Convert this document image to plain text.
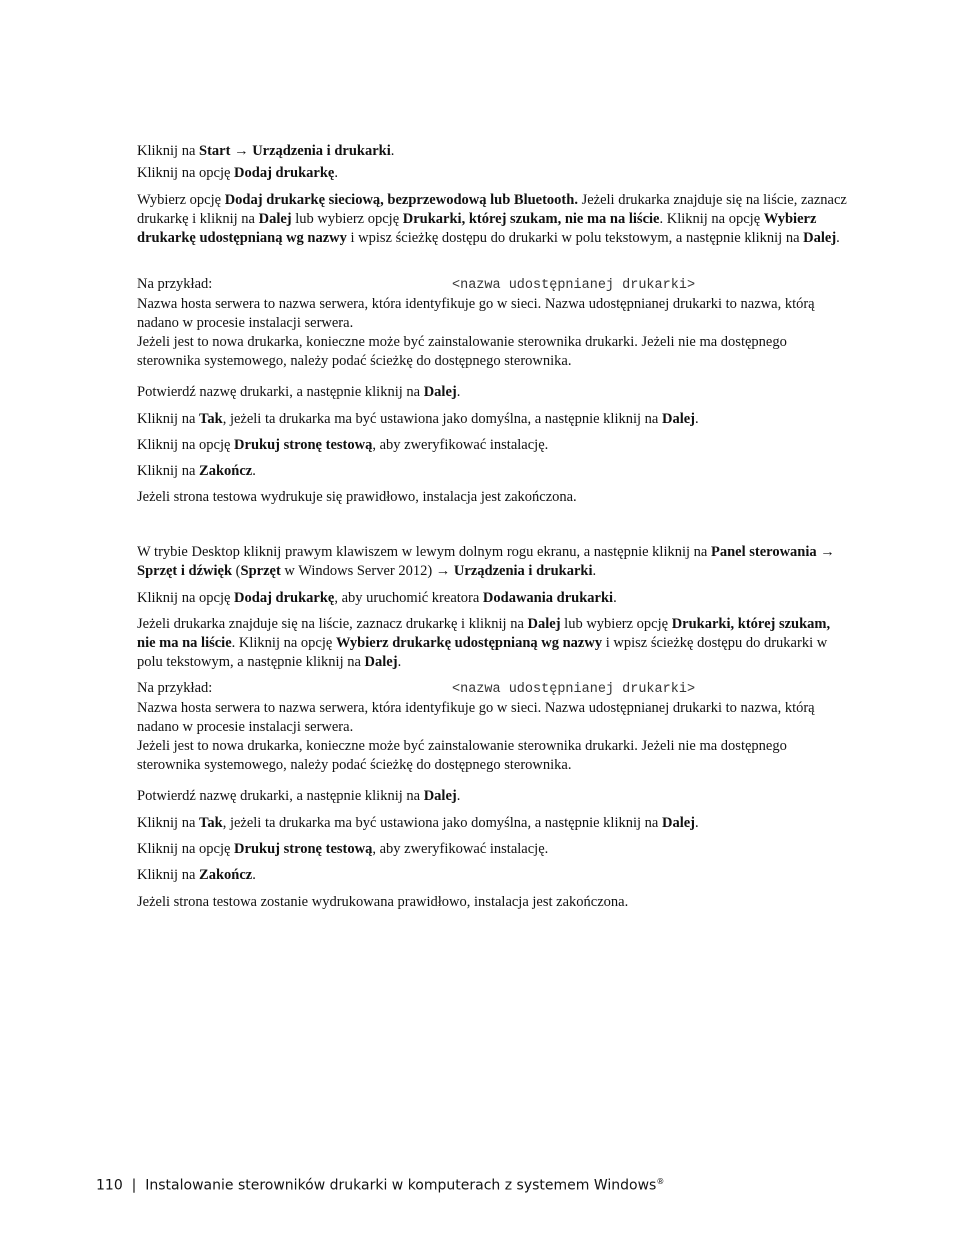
Kliknij na Start → Urządzenia i drukarki.

Kliknij na opcję Dodaj drukarkę.

Wybierz opcję Dodaj drukarkę sieciową, bezprzewodową lub Bluetooth. Jeżeli drukarka znajduje się na liście, zaznacz drukarkę i kliknij na Dalej lub wybierz opcję Drukarki, której szukam, nie ma na liście. Kliknij na opcję Wybierz drukarkę udostępnianą wg nazwy i wpisz ścieżkę dostępu do drukarki w polu tekstowym, a następnie kliknij na Dalej.

Na przykład:	<nazwa udostępnianej drukarki>

Nazwa hosta serwera to nazwa serwera, która identyfikuje go w sieci. Nazwa udostępnianej drukarki to nazwa, którą nadano w procesie instalacji serwera.

Jeżeli jest to nowa drukarka, konieczne może być zainstalowanie sterownika drukarki. Jeżeli nie ma dostępnego sterownika systemowego, należy podać ścieżkę do dostępnego sterownika.

Potwierdź nazwę drukarki, a następnie kliknij na Dalej.

Kliknij na Tak, jeżeli ta drukarka ma być ustawiona jako domyślna, a następnie kliknij na Dalej.

Kliknij na opcję Drukuj stronę testową, aby zweryfikować instalację.

Kliknij na Zakończ.

Jeżeli strona testowa wydrukuje się prawidłowo, instalacja jest zakończona.

W trybie Desktop kliknij prawym klawiszem w lewym dolnym rogu ekranu, a następnie kliknij na Panel sterowania → Sprzęt i dźwięk (Sprzęt w Windows Server 2012) → Urządzenia i drukarki.

Kliknij na opcję Dodaj drukarkę, aby uruchomić kreatora Dodawania drukarki.

Jeżeli drukarka znajduje się na liście, zaznacz drukarkę i kliknij na Dalej lub wybierz opcję Drukarki, której szukam, nie ma na liście. Kliknij na opcję Wybierz drukarkę udostępnianą wg nazwy i wpisz ścieżkę dostępu do drukarki w polu tekstowym, a następnie kliknij na Dalej.

Na przykład:	<nazwa udostępnianej drukarki>

Nazwa hosta serwera to nazwa serwera, która identyfikuje go w sieci. Nazwa udostępnianej drukarki to nazwa, którą nadano w procesie instalacji serwera.

Jeżeli jest to nowa drukarka, konieczne może być zainstalowanie sterownika drukarki. Jeżeli nie ma dostępnego sterownika systemowego, należy podać ścieżkę do dostępnego sterownika.

Potwierdź nazwę drukarki, a następnie kliknij na Dalej.

Kliknij na Tak, jeżeli ta drukarka ma być ustawiona jako domyślna, a następnie kliknij na Dalej.

Kliknij na opcję Drukuj stronę testową, aby zweryfikować instalację.

Kliknij na Zakończ.

Jeżeli strona testowa zostanie wydrukowana prawidłowo, instalacja jest zakończona.

110 | Instalowanie sterowników drukarki w komputerach z systemem Windows®
